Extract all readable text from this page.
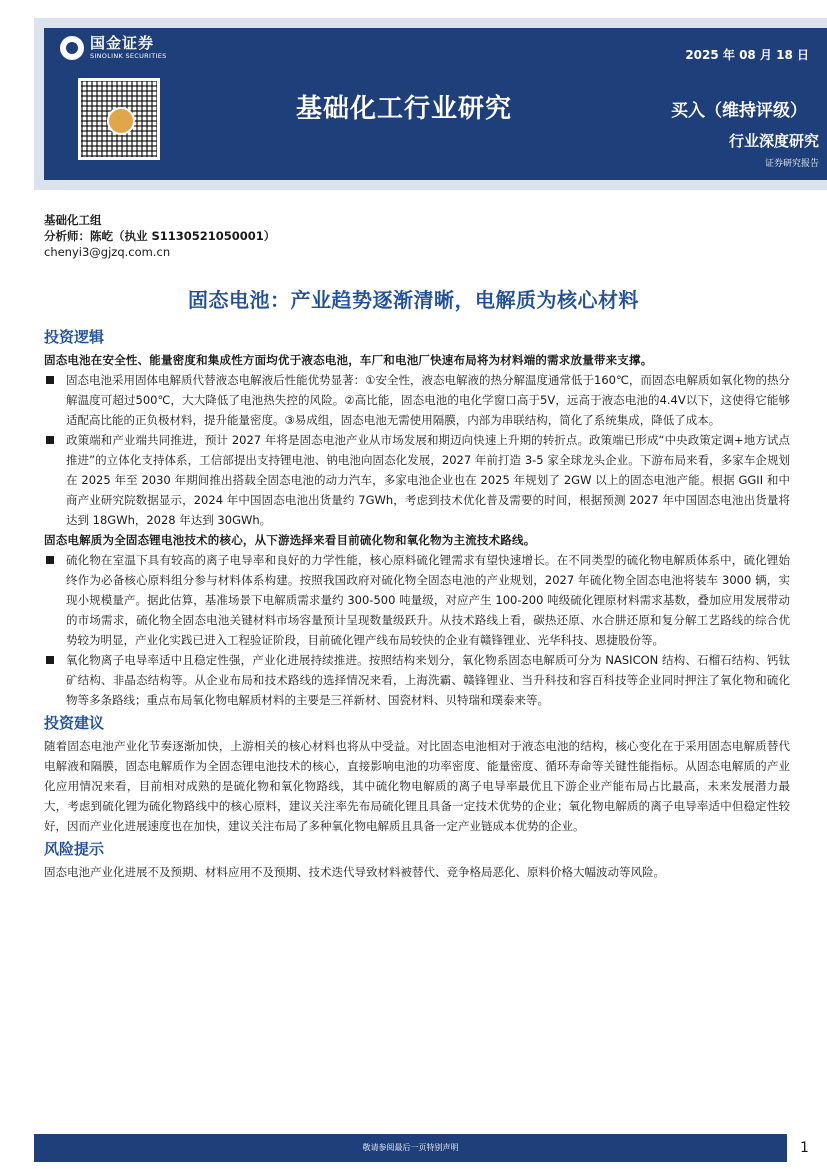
国金证券
SINOLINK SECURITIES	2025 年 08 月 18 日
基础化工行业研究	买入（维持评级）
行业深度研究
证券研究报告
基础化工组
分析师：陈屹（执业 S1130521050001）
chenyi3@gjzq.com.cn
固态电池：产业趋势逐渐清晰，电解质为核心材料
投资逻辑

固态电池在安全性、能量密度和集成性方面均优于液态电池，车厂和电池厂快速布局将为材料端的需求放量带来支撑。

固态电池采用固体电解质代替液态电解液后性能优势显著：①安全性，液态电解液的热分解温度通常低于160℃，而固态电解质如氧化物的热分解温度可超过500℃，大大降低了电池热失控的风险。②高比能，固态电池的电化学窗口高于5V，远高于液态电池的4.4V以下，这使得它能够适配高比能的正负极材料，提升能量密度。③易成组，固态电池无需使用隔膜，内部为串联结构，简化了系统集成，降低了成本。

政策端和产业端共同推进，预计 2027 年将是固态电池产业从市场发展和期迈向快速上升期的转折点。政策端已形成“中央政策定调+地方试点推进”的立体化支持体系，工信部提出支持锂电池、钠电池向固态化发展，2027 年前打造 3-5 家全球龙头企业。下游布局来看，多家车企规划在 2025 年至 2030 年期间推出搭载全固态电池的动力汽车，多家电池企业也在 2025 年规划了 2GW 以上的固态电池产能。根据 GGII 和中商产业研究院数据显示，2024 年中国固态电池出货量约 7GWh，考虑到技术优化普及需要的时间，根据预测 2027 年中国固态电池出货量将达到 18GWh，2028 年达到 30GWh。

固态电解质为全固态锂电池技术的核心，从下游选择来看目前硫化物和氧化物为主流技术路线。

硫化物在室温下具有较高的离子电导率和良好的力学性能，核心原料硫化锂需求有望快速增长。在不同类型的硫化物电解质体系中，硫化锂始终作为必备核心原料组分参与材料体系构建。按照我国政府对硫化物全固态电池的产业规划，2027 年硫化物全固态电池将装车 3000 辆，实现小规模量产。据此估算，基准场景下电解质需求量约 300-500 吨量级，对应产生 100-200 吨级硫化锂原材料需求基数，叠加应用发展带动的市场需求，硫化物全固态电池关键材料市场容量预计呈现数量级跃升。从技术路线上看，碳热还原、水合肼还原和复分解工艺路线的综合优势较为明显，产业化实践已进入工程验证阶段，目前硫化锂产线布局较快的企业有赣锋锂业、光华科技、恩捷股份等。

氧化物离子电导率适中且稳定性强，产业化进展持续推进。按照结构来划分，氧化物系固态电解质可分为 NASICON 结构、石榴石结构、钙钛矿结构、非晶态结构等。从企业布局和技术路线的选择情况来看，上海洗霸、赣锋锂业、当升科技和容百科技等企业同时押注了氧化物和硫化物等多条路线；重点布局氧化物电解质材料的主要是三祥新材、国瓷材料、贝特瑞和璞泰来等。

投资建议

随着固态电池产业化节奏逐渐加快，上游相关的核心材料也将从中受益。对比固态电池相对于液态电池的结构，核心变化在于采用固态电解质替代电解液和隔膜，固态电解质作为全固态锂电池技术的核心，直接影响电池的功率密度、能量密度、循环寿命等关键性能指标。从固态电解质的产业化应用情况来看，目前相对成熟的是硫化物和氧化物路线，其中硫化物电解质的离子电导率最优且下游企业产能布局占比最高，未来发展潜力最大，考虑到硫化锂为硫化物路线中的核心原料，建议关注率先布局硫化锂且具备一定技术优势的企业；氧化物电解质的离子电导率适中但稳定性较好，因而产业化进展速度也在加快，建议关注布局了多种氧化物电解质且具备一定产业链成本优势的企业。

风险提示

固态电池产业化进展不及预期、材料应用不及预期、技术迭代导致材料被替代、竞争格局恶化、原料价格大幅波动等风险。

敬请参阅最后一页特别声明	1
